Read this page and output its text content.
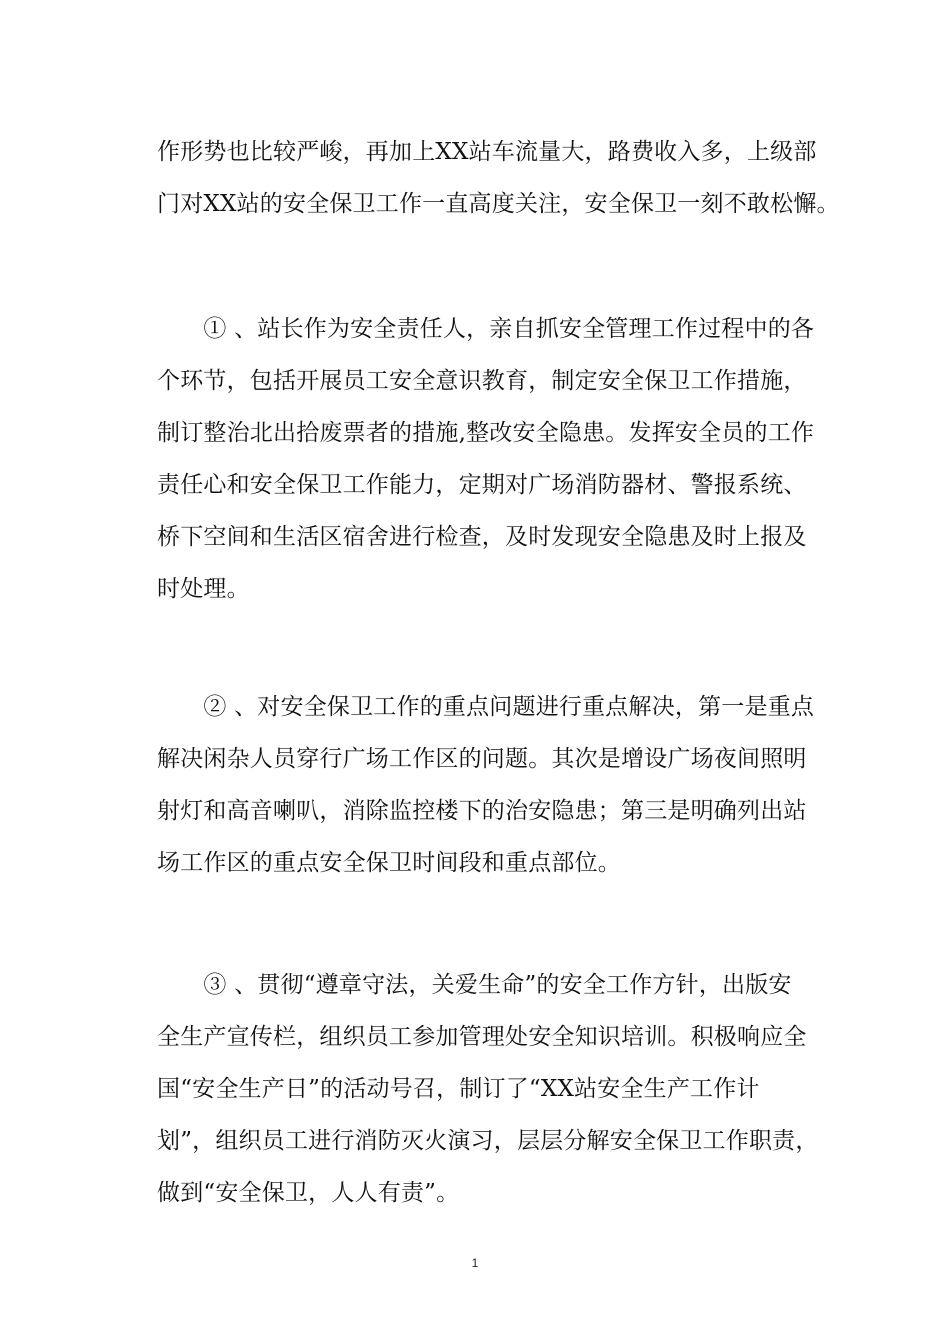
作形势也比较严峻，再加上XX站车流量大，路费收入多，上级部
门对XX站的安全保卫工作一直高度关注，安全保卫一刻不敢松懈。
　　① 、站长作为安全责任人，亲自抓安全管理工作过程中的各
个环节，包括开展员工安全意识教育，制定安全保卫工作措施，
制订整治北出拾废票者的措施,整改安全隐患。发挥安全员的工作
责任心和安全保卫工作能力，定期对广场消防器材、警报系统、
桥下空间和生活区宿舍进行检查，及时发现安全隐患及时上报及
时处理。
　　② 、对安全保卫工作的重点问题进行重点解决，第一是重点
解决闲杂人员穿行广场工作区的问题。其次是增设广场夜间照明
射灯和高音喇叭，消除监控楼下的治安隐患；第三是明确列出站
场工作区的重点安全保卫时间段和重点部位。
　　③ 、贯彻“遵章守法，关爱生命”的安全工作方针，出版安
全生产宣传栏，组织员工参加管理处安全知识培训。积极响应全
国“安全生产日”的活动号召，制订了“XX站安全生产工作计
划”，组织员工进行消防灭火演习，层层分解安全保卫工作职责，
做到“安全保卫，人人有责”。
1
